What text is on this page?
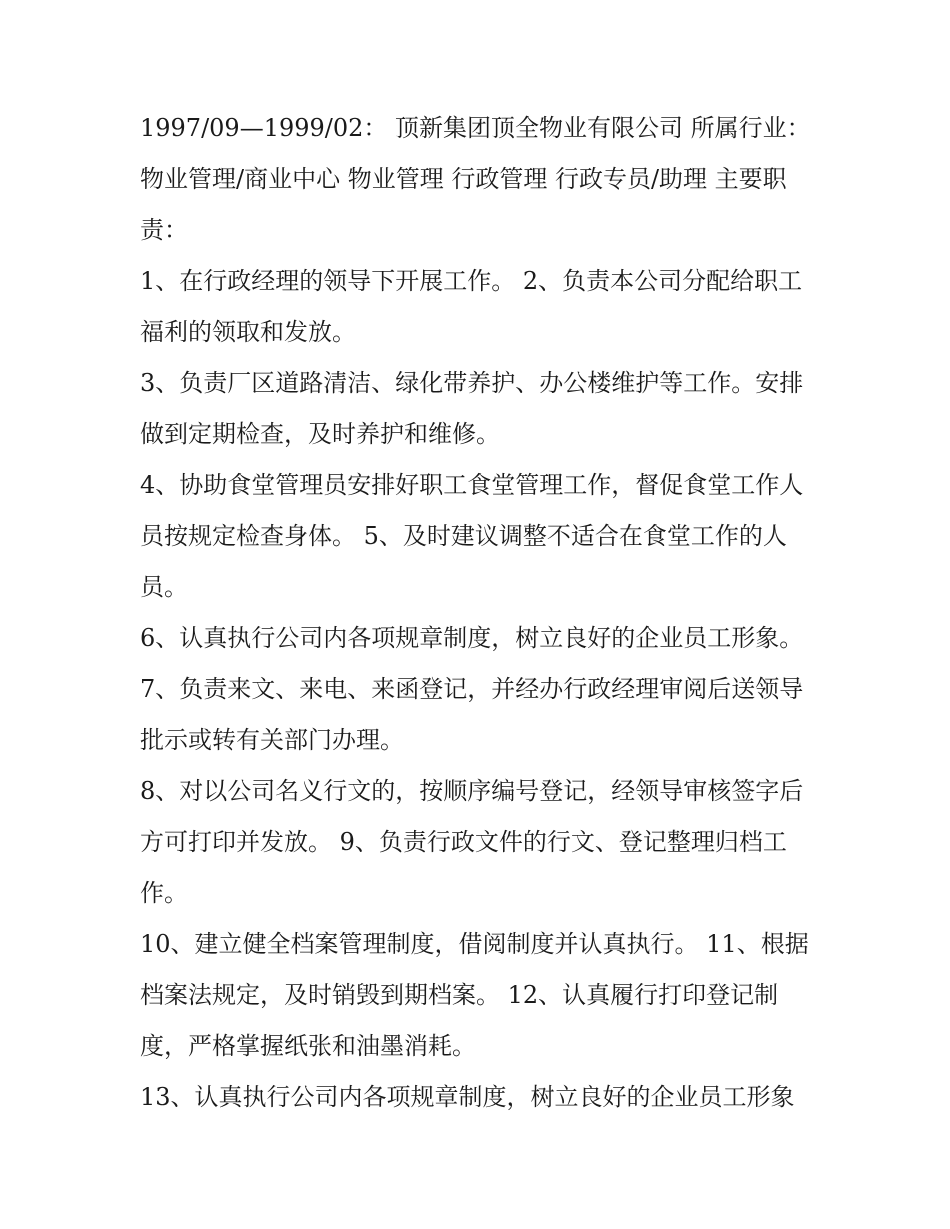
1997/09—1999/02： 顶新集团顶全物业有限公司 所属行业：物业管理/商业中心 物业管理 行政管理 行政专员/助理 主要职责：

1、在行政经理的领导下开展工作。 2、负责本公司分配给职工福利的领取和发放。

3、负责厂区道路清洁、绿化带养护、办公楼维护等工作。安排做到定期检查，及时养护和维修。

4、协助食堂管理员安排好职工食堂管理工作，督促食堂工作人员按规定检查身体。 5、及时建议调整不适合在食堂工作的人员。

6、认真执行公司内各项规章制度，树立良好的企业员工形象。 7、负责来文、来电、来函登记，并经办行政经理审阅后送领导批示或转有关部门办理。

8、对以公司名义行文的，按顺序编号登记，经领导审核签字后方可打印并发放。 9、负责行政文件的行文、登记整理归档工作。

10、建立健全档案管理制度，借阅制度并认真执行。 11、根据档案法规定，及时销毁到期档案。 12、认真履行打印登记制度，严格掌握纸张和油墨消耗。

13、认真执行公司内各项规章制度，树立良好的企业员工形象
